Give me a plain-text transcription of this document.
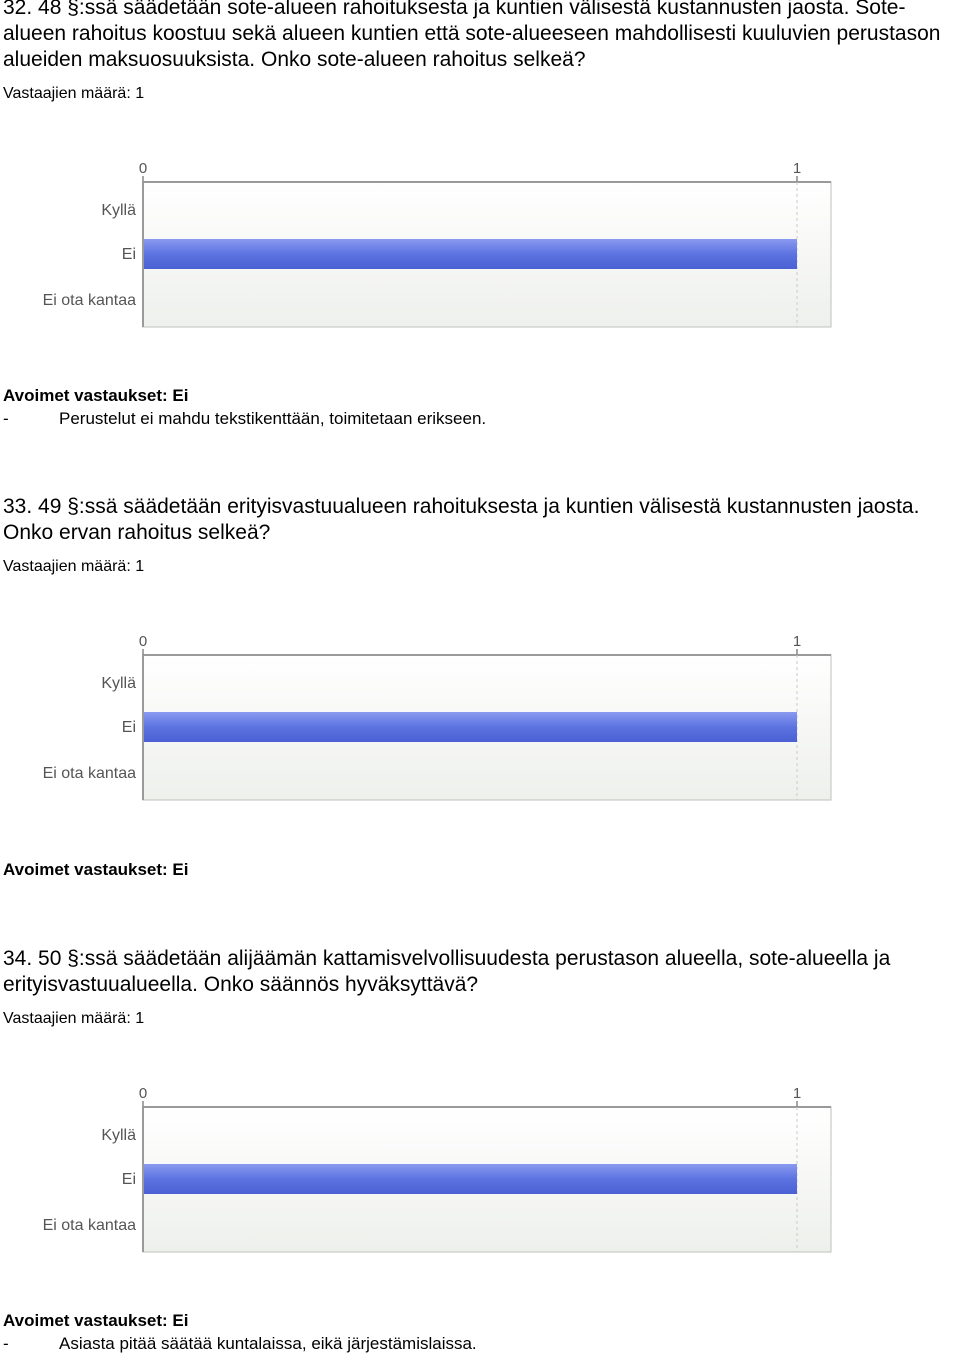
32. 48 §:ssä säädetään sote-alueen rahoituksesta ja kuntien välisestä kustannusten jaosta. Sote-alueen rahoitus koostuu sekä alueen kuntien että sote-alueeseen mahdollisesti kuuluvien perustason alueiden maksuosuuksista. Onko sote-alueen rahoitus selkeä?
Vastaajien määrä: 1
0	1
Kyllä
Ei
Ei ota kantaa
Avoimet vastaukset: Ei
-	Perustelut ei mahdu tekstikenttään, toimitetaan erikseen.
33. 49 §:ssä säädetään erityisvastuualueen rahoituksesta ja kuntien välisestä kustannusten jaosta. Onko ervan rahoitus selkeä?
Vastaajien määrä: 1
0	1
Kyllä
Ei
Ei ota kantaa
Avoimet vastaukset: Ei
34. 50 §:ssä säädetään alijäämän kattamisvelvollisuudesta perustason alueella, sote-alueella ja erityisvastuualueella. Onko säännös hyväksyttävä?
Vastaajien määrä: 1
0	1
Kyllä
Ei
Ei ota kantaa
Avoimet vastaukset: Ei
-	Asiasta pitää säätää kuntalaissa, eikä järjestämislaissa.
